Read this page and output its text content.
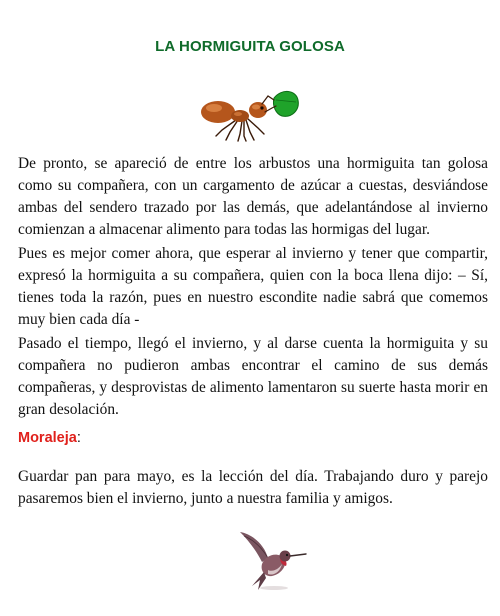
LA HORMIGUITA GOLOSA

De pronto, se apareció de entre los arbustos una hormiguita tan golosa como su compañera, con un cargamento de azúcar a cuestas, desviándose ambas del sendero trazado por las demás, que adelantándose al invierno comienzan a almacenar alimento para todas las hormigas del lugar.

Pues es mejor comer ahora, que esperar al invierno y tener que compartir, expresó la hormiguita a su compañera, quien con la boca llena dijo: – Sí, tienes toda la razón, pues en nuestro escondite nadie sabrá que comemos muy bien cada día -

Pasado el tiempo, llegó el invierno, y al darse cuenta la hormiguita y su compañera no pudieron ambas encontrar el camino de sus demás compañeras, y desprovistas de alimento lamentaron su suerte hasta morir en gran desolación.

Moraleja:

Guardar pan para mayo, es la lección del día. Trabajando duro y parejo pasaremos bien el invierno, junto a nuestra familia y amigos.
